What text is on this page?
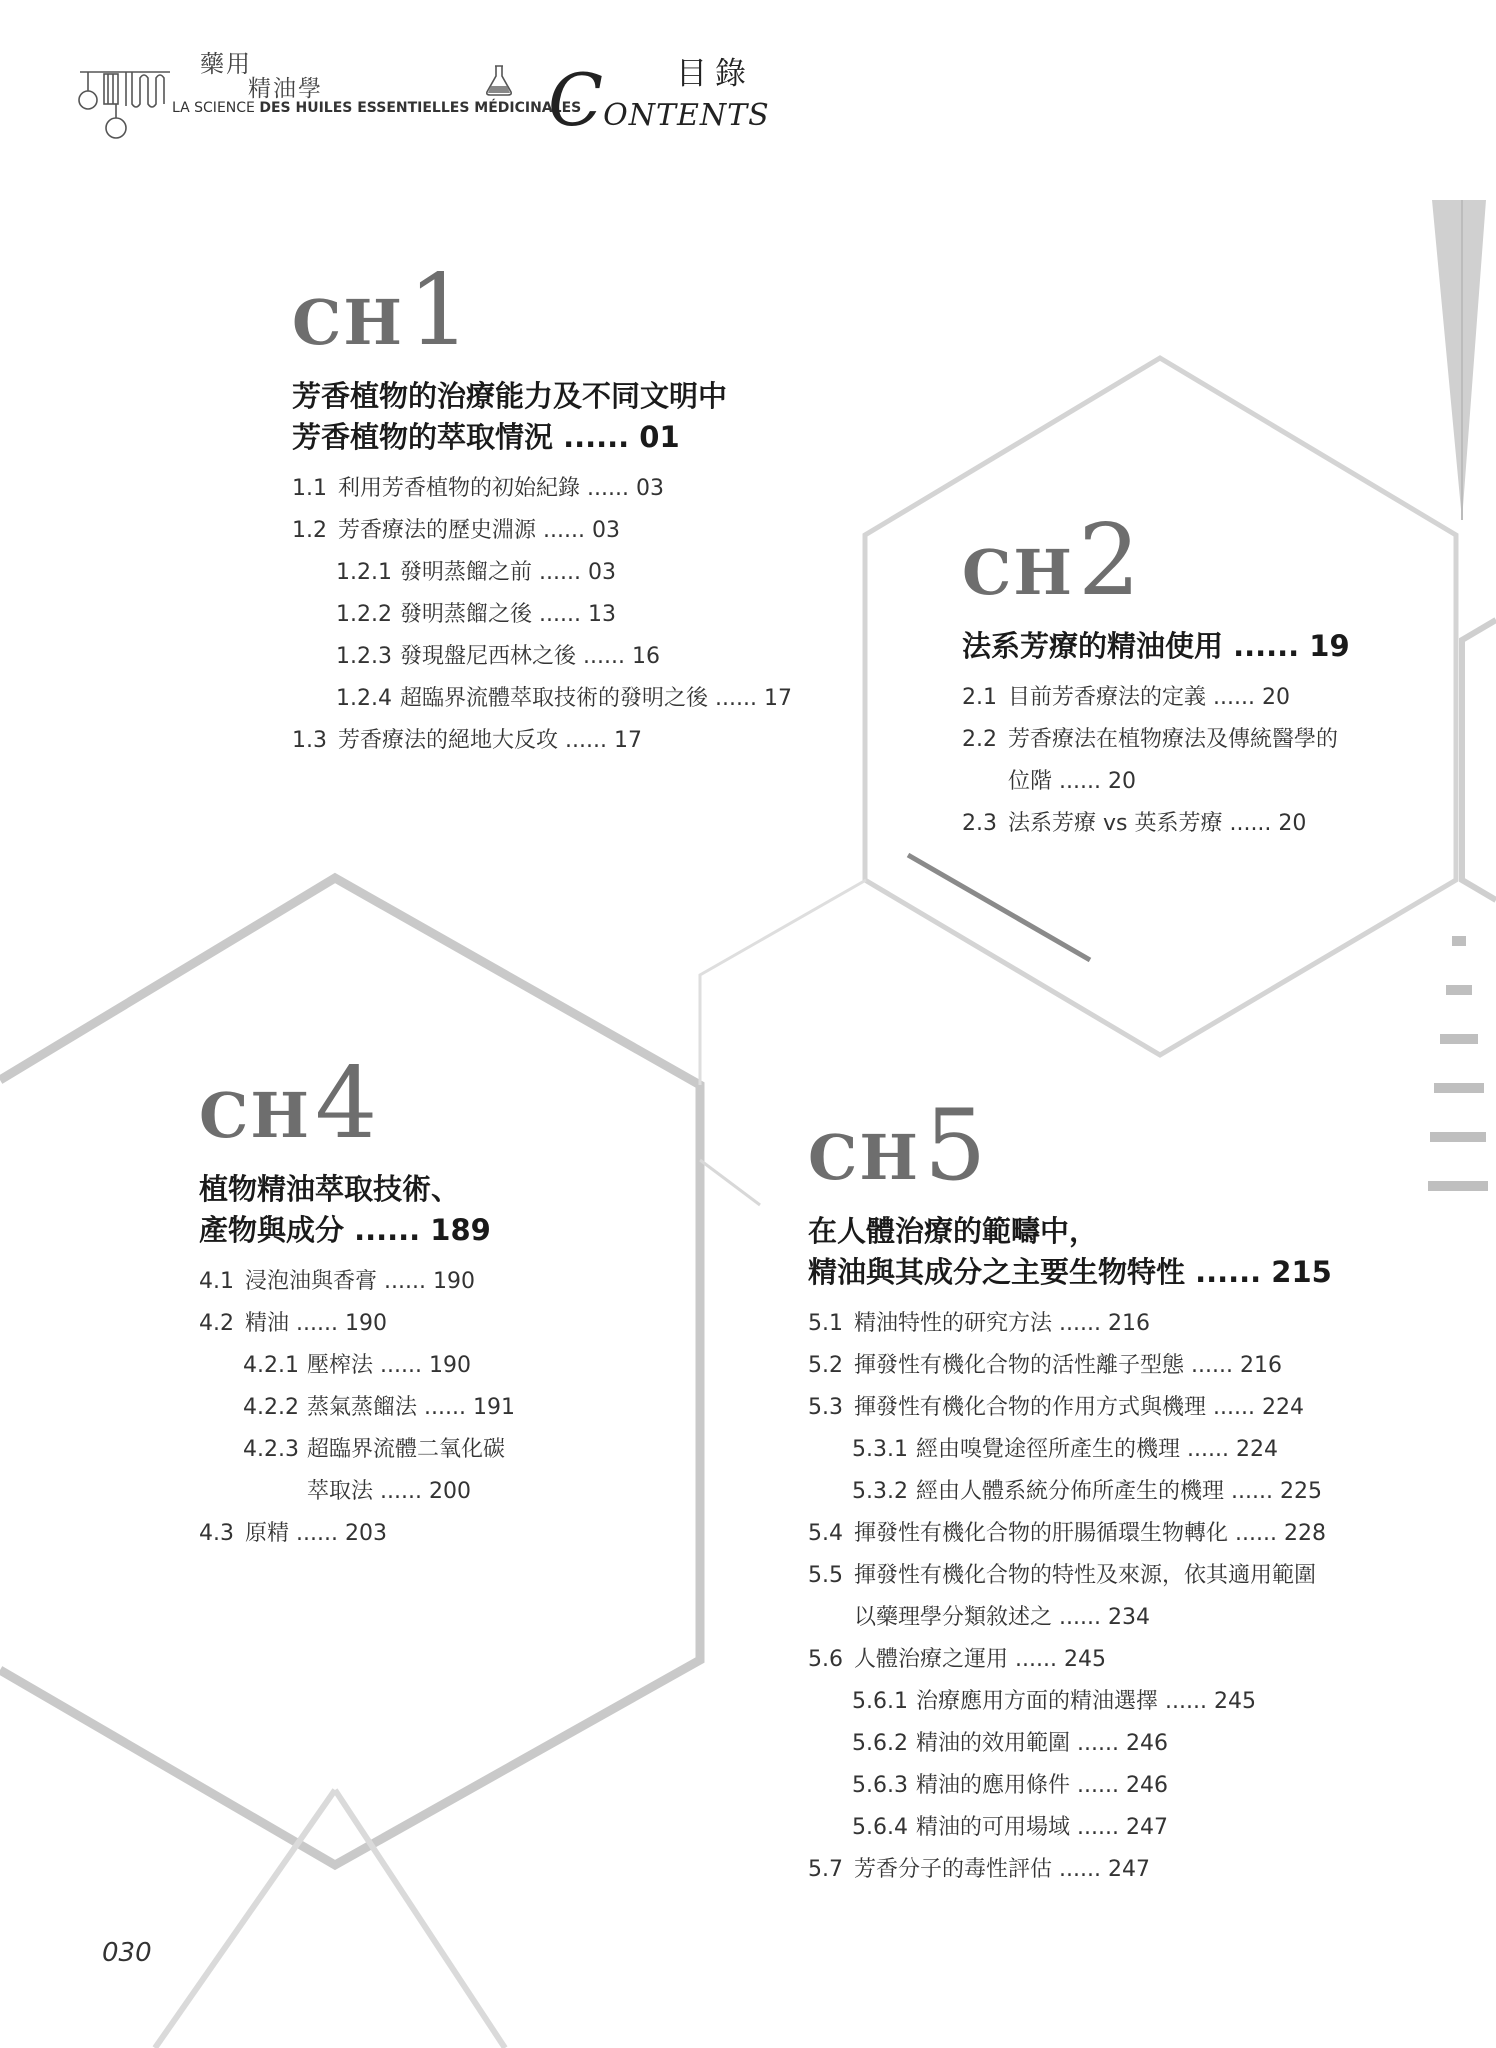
藥用
精油學
LA SCIENCE DES HUILES ESSENTIELLES MÉDICINALES
CONTENTS
目錄
CH1
芳香植物的治療能力及不同文明中
芳香植物的萃取情況 ...... 01
1.1 利用芳香植物的初始紀錄 ...... 03
1.2 芳香療法的歷史淵源 ...... 03
1.2.1 發明蒸餾之前 ...... 03
1.2.2 發明蒸餾之後 ...... 13
1.2.3 發現盤尼西林之後 ...... 16
1.2.4 超臨界流體萃取技術的發明之後 ...... 17
1.3 芳香療法的絕地大反攻 ...... 17
CH2
法系芳療的精油使用 ...... 19
2.1 目前芳香療法的定義 ...... 20
2.2 芳香療法在植物療法及傳統醫學的
位階 ...... 20
2.3 法系芳療 vs 英系芳療 ...... 20
CH4
植物精油萃取技術、
產物與成分 ...... 189
4.1 浸泡油與香膏 ...... 190
4.2 精油 ...... 190
4.2.1 壓榨法 ...... 190
4.2.2 蒸氣蒸餾法 ...... 191
4.2.3 超臨界流體二氧化碳
萃取法 ...... 200
4.3 原精 ...... 203
CH5
在人體治療的範疇中，
精油與其成分之主要生物特性 ...... 215
5.1 精油特性的研究方法 ...... 216
5.2 揮發性有機化合物的活性離子型態 ...... 216
5.3 揮發性有機化合物的作用方式與機理 ...... 224
5.3.1 經由嗅覺途徑所產生的機理 ...... 224
5.3.2 經由人體系統分佈所產生的機理 ...... 225
5.4 揮發性有機化合物的肝腸循環生物轉化 ...... 228
5.5 揮發性有機化合物的特性及來源，依其適用範圍
以藥理學分類敘述之 ...... 234
5.6 人體治療之運用 ...... 245
5.6.1 治療應用方面的精油選擇 ...... 245
5.6.2 精油的效用範圍 ...... 246
5.6.3 精油的應用條件 ...... 246
5.6.4 精油的可用場域 ...... 247
5.7 芳香分子的毒性評估 ...... 247
030
